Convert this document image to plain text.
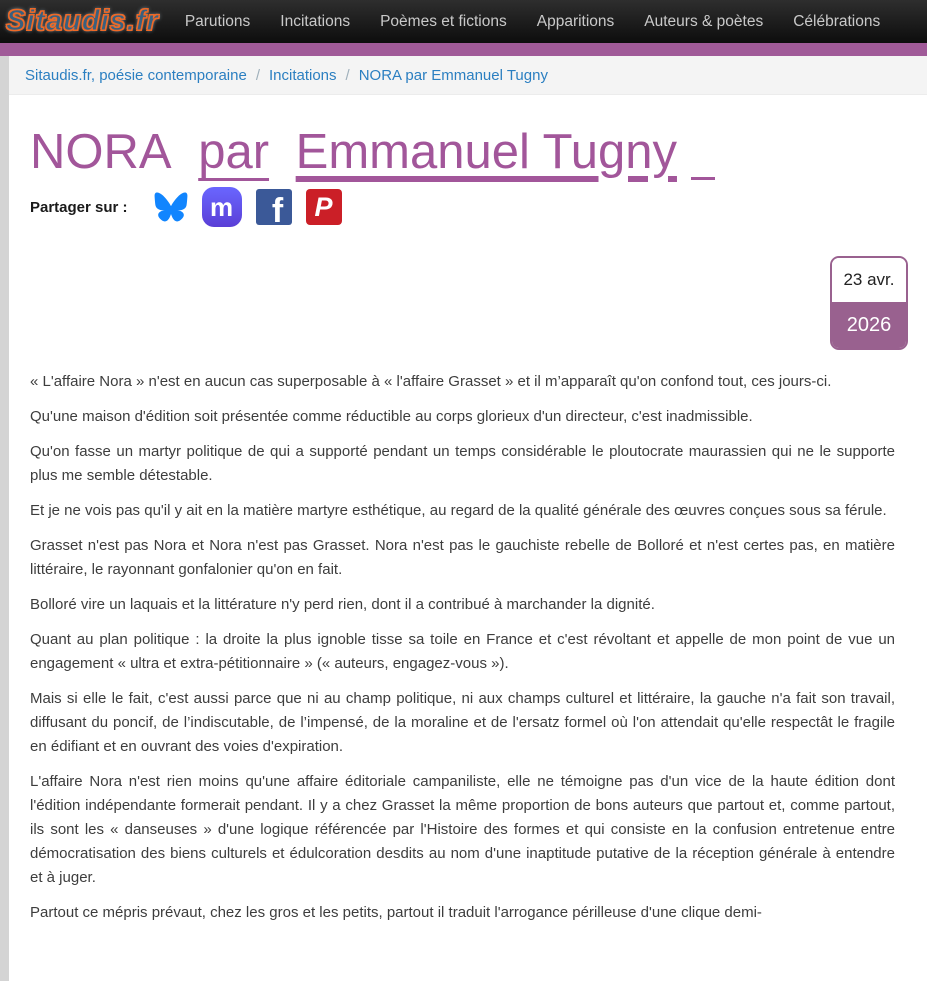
Sitaudis.fr Parutions Incitations Poèmes et fictions Apparitions Auteurs & poètes Célébrations
Sitaudis.fr, poésie contemporaine / Incitations / NORA par Emmanuel Tugny
NORA par Emmanuel Tugny
23 avr.
2026
Partager sur :	m f	P

« L'affaire Nora » n'est en aucun cas superposable à « l'affaire Grasset » et il m’apparaît qu'on confond tout, ces jours-ci.

Qu'une maison d'édition soit présentée comme réductible au corps glorieux d'un directeur, c'est inadmissible.

Qu'on fasse un martyr politique de qui a supporté pendant un temps considérable le ploutocrate maurassien qui ne le supporte plus me semble détestable.

Et je ne vois pas qu'il y ait en la matière martyre esthétique, au regard de la qualité générale des œuvres conçues sous sa férule.

Grasset n'est pas Nora et Nora n'est pas Grasset. Nora n'est pas le gauchiste rebelle de Bolloré et n'est certes pas, en matière littéraire, le rayonnant gonfalonier qu'on en fait.

Bolloré vire un laquais et la littérature n'y perd rien, dont il a contribué à marchander la dignité.

Quant au plan politique : la droite la plus ignoble tisse sa toile en France et c'est révoltant et appelle de mon point de vue un engagement « ultra et extra-pétitionnaire » (« auteurs, engagez-vous »).

Mais si elle le fait, c'est aussi parce que ni au champ politique, ni aux champs culturel et littéraire, la gauche n'a fait son travail, diffusant du poncif, de l’indiscutable, de l’impensé, de la moraline et de l'ersatz formel où l'on attendait qu'elle respectât le fragile en édifiant et en ouvrant des voies d'expiration.

L'affaire Nora n'est rien moins qu'une affaire éditoriale campaniliste, elle ne témoigne pas d'un vice de la haute édition dont l'édition indépendante formerait pendant. Il y a chez Grasset la même proportion de bons auteurs que partout et, comme partout, ils sont les « danseuses » d'une logique référencée par l'Histoire des formes et qui consiste en la confusion entretenue entre démocratisation des biens culturels et édulcoration desdits au nom d'une inaptitude putative de la réception générale à entendre et à juger.

Partout ce mépris prévaut, chez les gros et les petits, partout il traduit l'arrogance périlleuse d'une clique demi-
